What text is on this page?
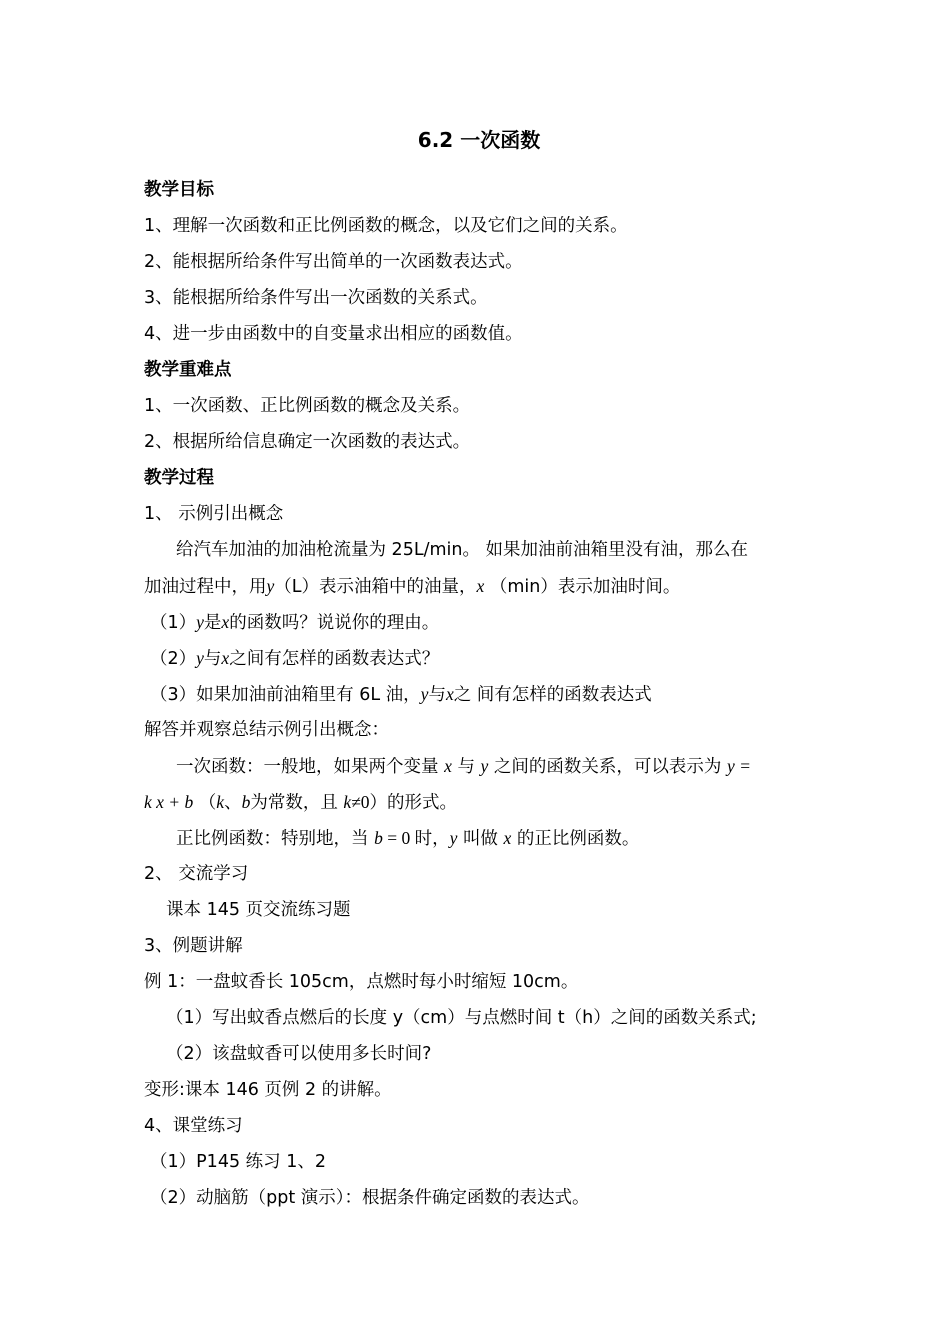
6.2 一次函数
教学目标
1、理解一次函数和正比例函数的概念，以及它们之间的关系。
2、能根据所给条件写出简单的一次函数表达式。
3、能根据所给条件写出一次函数的关系式。
4、进一步由函数中的自变量求出相应的函数值。
教学重难点
1、一次函数、正比例函数的概念及关系。
2、根据所给信息确定一次函数的表达式。
教学过程
1、 示例引出概念
给汽车加油的加油枪流量为 25L/min。 如果加油前油箱里没有油，那么在
加油过程中，用y（L）表示油箱中的油量，x （min）表示加油时间。
（1）y是x的函数吗？说说你的理由。
（2）y与x之间有怎样的函数表达式？
（3）如果加油前油箱里有 6L 油，y与x之 间有怎样的函数表达式
解答并观察总结示例引出概念：
一次函数：一般地，如果两个变量 x 与 y 之间的函数关系，可以表示为 y =
k x + b （k、b为常数，且 k≠0）的形式。
正比例函数：特别地，当 b = 0 时，y 叫做 x 的正比例函数。
2、 交流学习
课本 145 页交流练习题
3、例题讲解
例 1：一盘蚊香长 105cm，点燃时每小时缩短 10cm。
（1）写出蚊香点燃后的长度 y（cm）与点燃时间 t（h）之间的函数关系式;
（2）该盘蚊香可以使用多长时间?
变形:课本 146 页例 2 的讲解。
4、课堂练习
（1）P145 练习 1、2
（2）动脑筋（ppt 演示）：根据条件确定函数的表达式。
